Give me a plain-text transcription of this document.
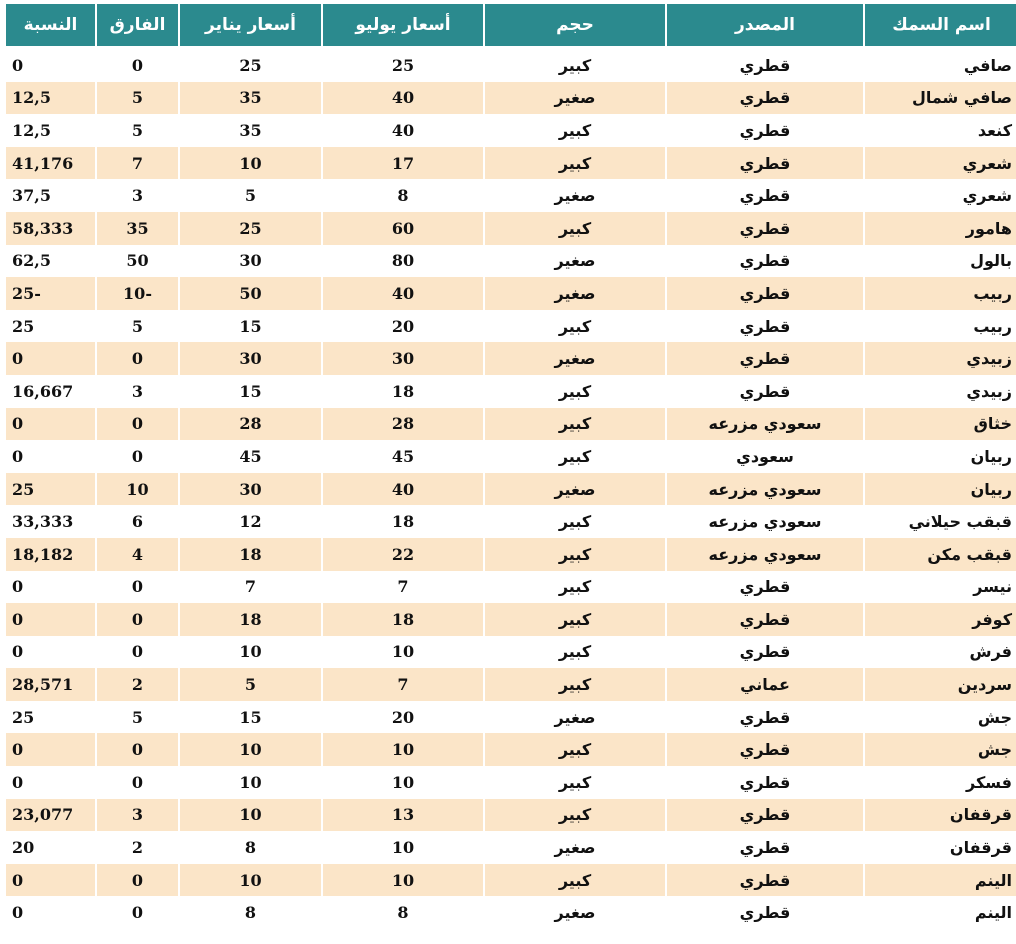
النسبة	الفارق	أسعار يناير	أسعار يوليو	حجم	المصدر	اسم السمك
0	0	25	25	كبير	قطري	صافي
12,5	5	35	40	صغير	قطري	صافي شمال
12,5	5	35	40	كبير	قطري	كنعد
41,176	7	10	17	كبير	قطري	شعري
37,5	3	5	8	صغير	قطري	شعري
58,333	35	25	60	كبير	قطري	هامور
62,5	50	30	80	صغير	قطري	بالول
25-	10-	50	40	صغير	قطري	ربيب
25	5	15	20	كبير	قطري	ربيب
0	0	30	30	صغير	قطري	زبيدي
16,667	3	15	18	كبير	قطري	زبيدي
0	0	28	28	كبير	سعودي مزرعه	خثاق
0	0	45	45	كبير	سعودي	ربيان
25	10	30	40	صغير	سعودي مزرعه	ربيان
33,333	6	12	18	كبير	سعودي مزرعه	قبقب حيلاني
18,182	4	18	22	كبير	سعودي مزرعه	قبقب مكن
0	0	7	7	كبير	قطري	نيسر
0	0	18	18	كبير	قطري	كوفر
0	0	10	10	كبير	قطري	فرش
28,571	2	5	7	كبير	عماني	سردين
25	5	15	20	صغير	قطري	جش
0	0	10	10	كبير	قطري	جش
0	0	10	10	كبير	قطري	فسكر
23,077	3	10	13	كبير	قطري	قرقفان
20	2	8	10	صغير	قطري	قرقفان
0	0	10	10	كبير	قطري	الينم
0	0	8	8	صغير	قطري	الينم
